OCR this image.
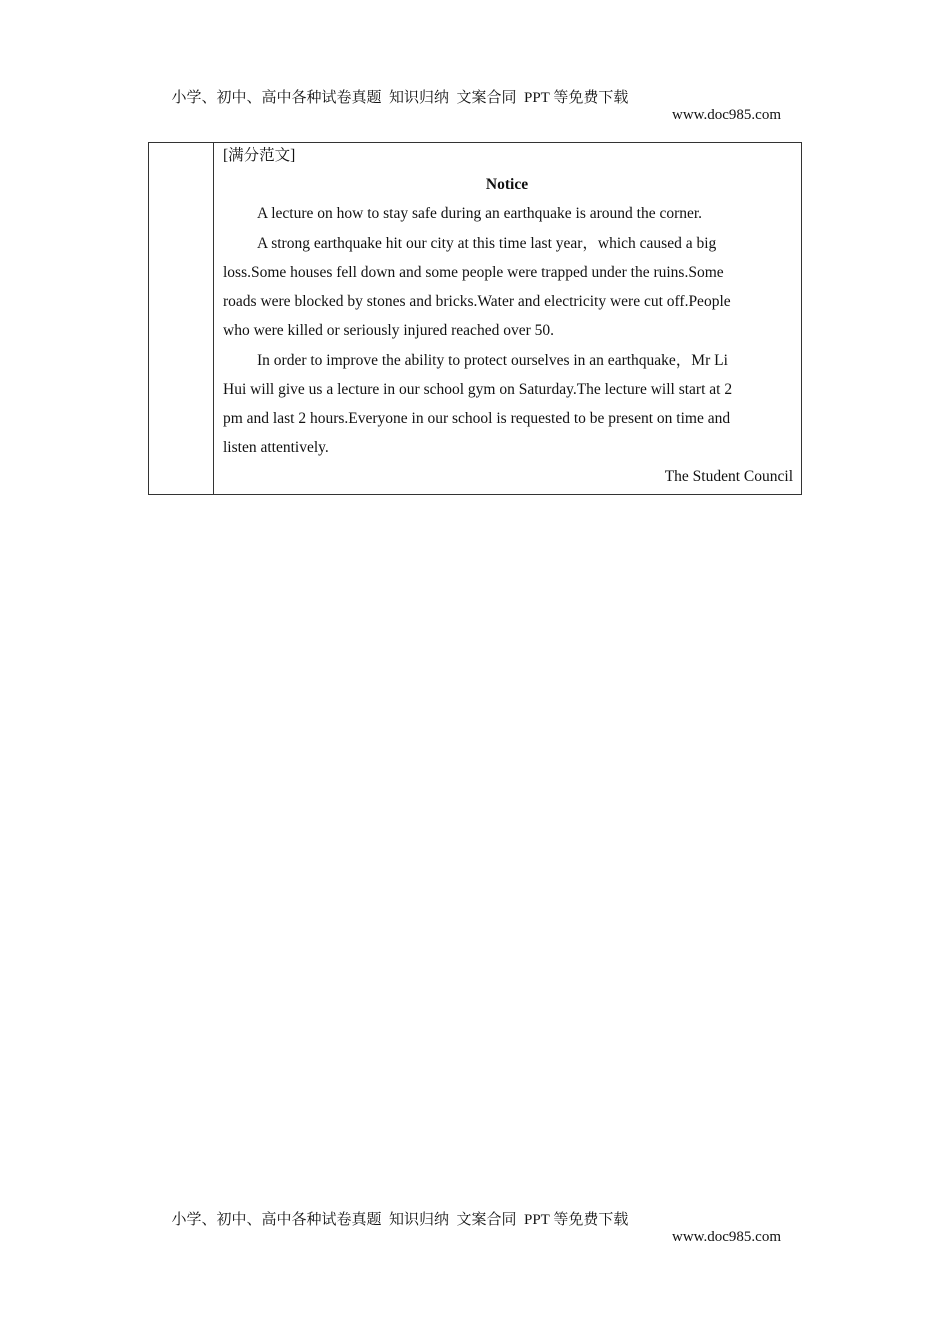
小学、初中、高中各种试卷真题  知识归纳  文案合同  PPT 等免费下载

www.doc985.com

[满分范文]
Notice
A lecture on how to stay safe during an earthquake is around the corner.
A strong earthquake hit our city at this time last year，which caused a big
loss.Some houses fell down and some people were trapped under the ruins.Some
roads were blocked by stones and bricks.Water and electricity were cut off.People
who were killed or seriously injured reached over 50.
In order to improve the ability to protect ourselves in an earthquake，Mr Li
Hui will give us a lecture in our school gym on Saturday.The lecture will start at 2
pm and last 2 hours.Everyone in our school is requested to be present on time and
listen attentively.
The Student Council

小学、初中、高中各种试卷真题  知识归纳  文案合同  PPT 等免费下载

www.doc985.com
